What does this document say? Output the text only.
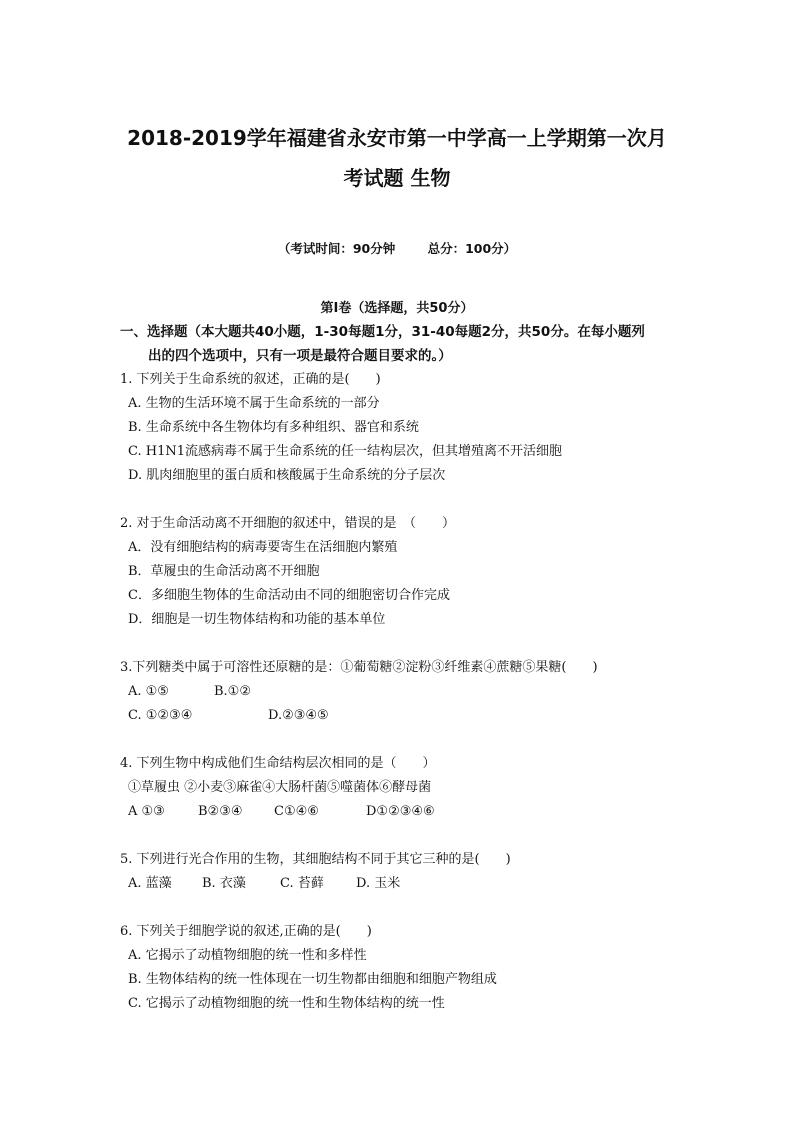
2018-2019学年福建省永安市第一中学高一上学期第一次月
考试题 生物
（考试时间：90分钟	总分：100分）
第Ⅰ卷（选择题，共50分）
一、选择题（本大题共40小题，1-30每题1分，31-40每题2分，共50分。在每小题列
出的四个选项中，只有一项是最符合题目要求的。）
1. 下列关于生命系统的叙述，正确的是(　　)
A. 生物的生活环境不属于生命系统的一部分
B. 生命系统中各生物体均有多种组织、器官和系统
C. H1N1流感病毒不属于生命系统的任一结构层次，但其增殖离不开活细胞
D. 肌肉细胞里的蛋白质和核酸属于生命系统的分子层次
2. 对于生命活动离不开细胞的叙述中，错误的是　（　　）
A．没有细胞结构的病毒要寄生在活细胞内繁殖
B．草履虫的生命活动离不开细胞
C．多细胞生物体的生命活动由不同的细胞密切合作完成
D．细胞是一切生物体结构和功能的基本单位
3.下列糖类中属于可溶性还原糖的是：①葡萄糖②淀粉③纤维素④蔗糖⑤果糖(　　)
A. ①⑤	B.①②
C. ①②③④	D.②③④⑤
4. 下列生物中构成他们生命结构层次相同的是（　　）
①草履虫 ②小麦③麻雀④大肠杆菌⑤噬菌体⑥酵母菌
A ①③	B②③④ C①④⑥	D①②③④⑥
5. 下列进行光合作用的生物，其细胞结构不同于其它三种的是(　　)
A. 蓝藻 B. 衣藻	C. 苔藓 D. 玉米
6. 下列关于细胞学说的叙述,正确的是(　　)
A. 它揭示了动植物细胞的统一性和多样性
B. 生物体结构的统一性体现在一切生物都由细胞和细胞产物组成
C. 它揭示了动植物细胞的统一性和生物体结构的统一性
